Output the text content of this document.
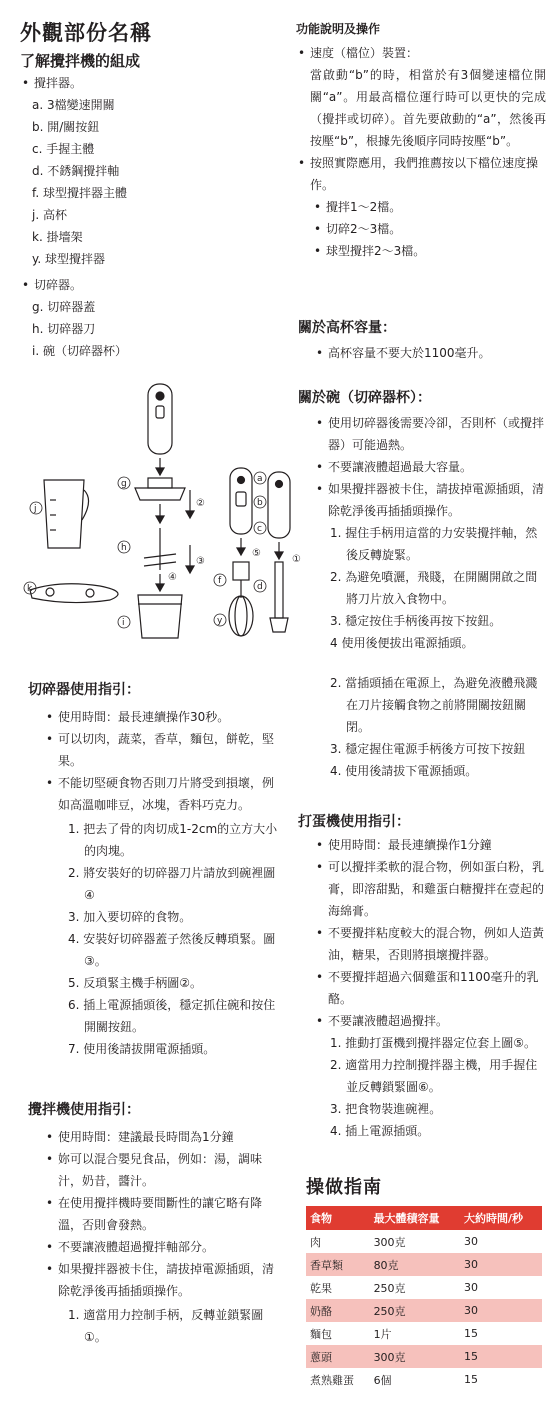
外觀部份名稱
了解攪拌機的組成
• 攪拌器。
a. 3檔變速開關
b. 開/關按鈕
c. 手握主體
d. 不銹鋼攪拌軸
f. 球型攪拌器主體
j. 高杯
k. 掛墻架
y. 球型攪拌器
• 切碎器。
g. 切碎器蓋
h. 切碎器刀
i. 碗（切碎器杯）
g
h
i
j
k
a
b
c
d
f
y
②
③
④
⑤
①
切碎器使用指引：
• 使用時間：最長連續操作30秒。
• 可以切肉，蔬菜，香草，麵包，餅乾，堅果。
• 不能切堅硬食物否則刀片將受到損壞，例如高溫咖啡豆，冰塊，香料巧克力。
1. 把去了骨的肉切成1-2cm的立方大小的肉塊。
2. 將安裝好的切碎器刀片請放到碗裡圖④
3. 加入要切碎的食物。
4. 安裝好切碎器蓋子然後反轉瑣緊。圖③。
5. 反瑣緊主機手柄圖②。
6. 插上電源插頭後，穩定抓住碗和按住開關按鈕。
7. 使用後請拔開電源插頭。
攪拌機使用指引：
• 使用時間：建議最長時間為1分鐘
• 妳可以混合嬰兒食品，例如：湯，調味汁，奶昔，醬汁。
• 在使用攪拌機時要間斷性的讓它略有降溫，否則會發熱。
• 不要讓液體超過攪拌軸部分。
• 如果攪拌器被卡住，請拔掉電源插頭，清除乾淨後再插插頭操作。
1. 適當用力控制手柄，反轉並鎖緊圖①。
功能說明及操作
• 速度（檔位）裝置：
當啟動“b”的時，相當於有3個變速檔位開關“a”。用最高檔位運行時可以更快的完成（攪拌或切碎）。首先要啟動的“a”，然後再按壓“b”，根據先後順序同時按壓“b”。
• 按照實際應用，我們推薦按以下檔位速度操作。
• 攪拌1～2檔。
• 切碎2～3檔。
• 球型攪拌2～3檔。
關於高杯容量：
• 高杯容量不要大於1100毫升。
關於碗（切碎器杯）：
• 使用切碎器後需要冷卻，否則杯（或攪拌器）可能過熱。
• 不要讓液體超過最大容量。
• 如果攪拌器被卡住，請拔掉電源插頭，清除乾淨後再插插頭操作。
1. 握住手柄用這當的力安裝攪拌軸，然後反轉旋緊。
2. 為避免噴灑，飛賤，在開關開啟之間將刀片放入食物中。
3. 穩定按住手柄後再按下按鈕。
4 使用後便拔出電源插頭。
2. 當插頭插在電源上，為避免液體飛濺在刀片接觸食物之前將開關按鈕關閉。
3. 穩定握住電源手柄後方可按下按鈕
4. 使用後請拔下電源插頭。
打蛋機使用指引：
• 使用時間：最長連續操作1分鐘
• 可以攪拌柔軟的混合物，例如蛋白粉，乳膏，即溶甜點，和雞蛋白糖攪拌在壹起的海綿膏。
• 不要攪拌粘度較大的混合物，例如人造黃油，糖果，否則將損壞攪拌器。
• 不要攪拌超過六個雞蛋和1100毫升的乳酪。
• 不要讓液體超過攪拌。
1. 推動打蛋機到攪拌器定位套上圖⑤。
2. 適當用力控制攪拌器主機，用手握住並反轉鎖緊圖⑥。
3. 把食物裝進碗裡。
4. 插上電源插頭。
操做指南
食物	最大體積容量	大約時間/秒
肉	300克	30
香草類	80克	30
乾果	250克	30
奶酪	250克	30
麵包	1片	15
蔥頭	300克	15
煮熟雞蛋	6個	15
